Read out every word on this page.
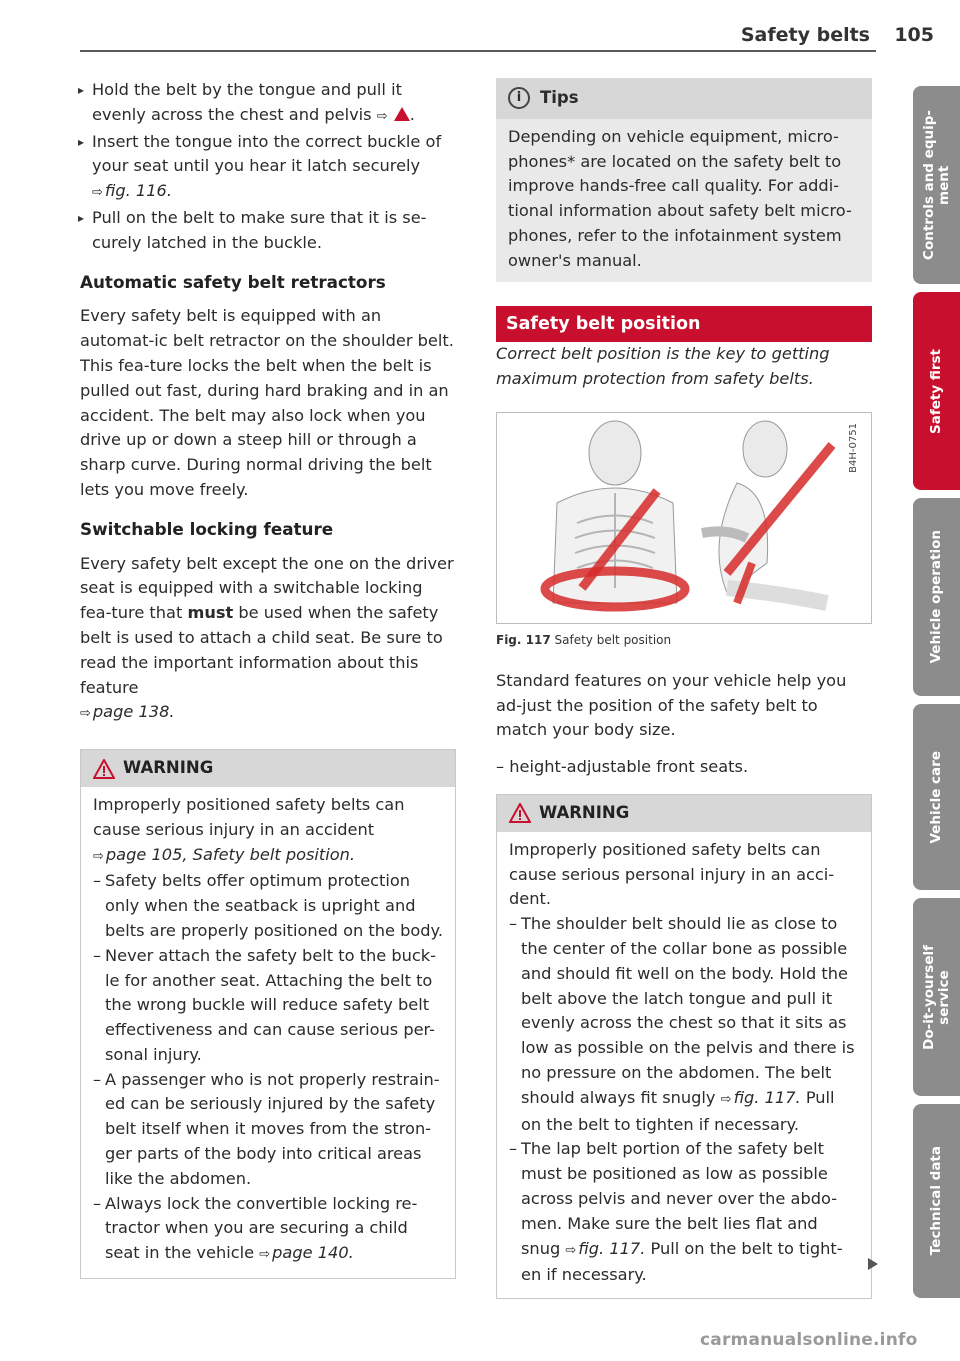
Safety belts 105

▸ Hold the belt by the tongue and pull it
evenly across the chest and pelvis ⇨ .

▸ Insert the tongue into the correct buckle of
your seat until you hear it latch securely
⇨ fig. 116.

▸ Pull on the belt to make sure that it is se-
curely latched in the buckle.

Automatic safety belt retractors

Every safety belt is equipped with an automat-ic belt retractor on the shoulder belt. This fea-ture locks the belt when the belt is pulled out fast, during hard braking and in an accident. The belt may also lock when you drive up or down a steep hill or through a sharp curve. During normal driving the belt lets you move freely.

Switchable locking feature

Every safety belt except the one on the driver seat is equipped with a switchable locking fea-ture that must be used when the safety belt is used to attach a child seat. Be sure to read the important information about this feature
⇨ page 138.

WARNING

Improperly positioned safety belts can cause serious injury in an accident
⇨ page 105, Safety belt position.

– Safety belts offer optimum protection only when the seatback is upright and belts are properly positioned on the body.

– Never attach the safety belt to the buck-le for another seat. Attaching the belt to the wrong buckle will reduce safety belt effectiveness and can cause serious per-sonal injury.

– A passenger who is not properly restrain-ed can be seriously injured by the safety belt itself when it moves from the stron-ger parts of the body into critical areas like the abdomen.

– Always lock the convertible locking re-tractor when you are securing a child seat in the vehicle ⇨ page 140.

i	Tips
Depending on vehicle equipment, micro-phones* are located on the safety belt to improve hands-free call quality. For addi-tional information about safety belt micro-phones, refer to the infotainment system owner's manual.
Safety belt position

Correct belt position is the key to getting maximum protection from safety belts.

B4H-0751
Fig. 117 Safety belt position

Standard features on your vehicle help you ad-just the position of the safety belt to match your body size.

– height-adjustable front seats.

WARNING

Improperly positioned safety belts can cause serious personal injury in an acci-dent.

– The shoulder belt should lie as close to the center of the collar bone as possible and should fit well on the body. Hold the belt above the latch tongue and pull it evenly across the chest so that it sits as low as possible on the pelvis and there is no pressure on the abdomen. The belt should always fit snugly ⇨ fig. 117. Pull on the belt to tighten if necessary.

– The lap belt portion of the safety belt must be positioned as low as possible across pelvis and never over the abdo-men. Make sure the belt lies flat and snug ⇨ fig. 117. Pull on the belt to tight-en if necessary.

Controls and equip-
ment
Safety first
Vehicle operation
Vehicle care
Do-it-yourself
service
Technical data
carmanualsonline.info
